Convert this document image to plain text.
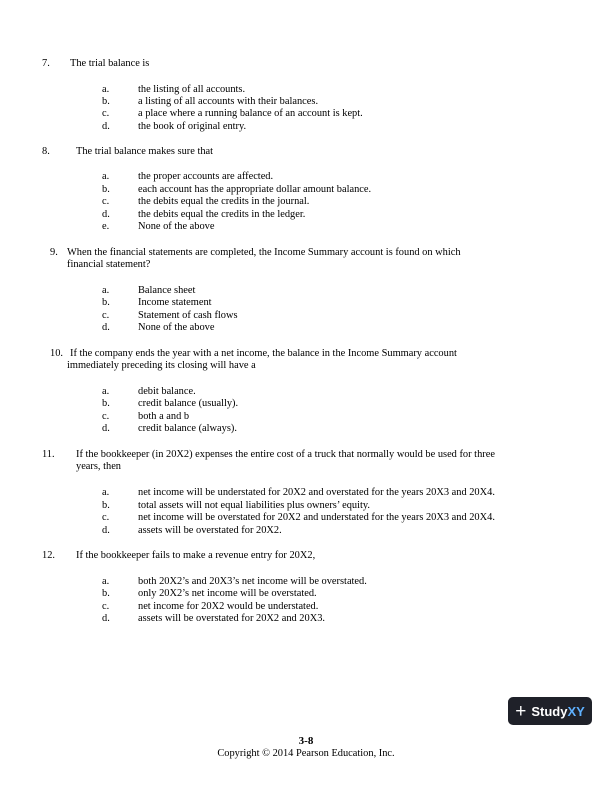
7. The trial balance is
a.	the listing of all accounts.
b.	a listing of all accounts with their balances.
c.	a place where a running balance of an account is kept.
d.	the book of original entry.
8.	The trial balance makes sure that
a.	the proper accounts are affected.
b.	each account has the appropriate dollar amount balance.
c.	the debits equal the credits in the journal.
d.	the debits equal the credits in the ledger.
e.	None of the above
9. When the financial statements are completed, the Income Summary account is found on which
financial statement?
a.	Balance sheet
b.	Income statement
c.	Statement of cash flows
d.	None of the above
10. If the company ends the year with a net income, the balance in the Income Summary account
immediately preceding its closing will have a
a.	debit balance.
b.	credit balance (usually).
c.	both a and b
d.	credit balance (always).
11. If the bookkeeper (in 20X2) expenses the entire cost of a truck that normally would be used for three
years, then
a.	net income will be understated for 20X2 and overstated for the years 20X3 and 20X4.
b.	total assets will not equal liabilities plus owners’ equity.
c.	net income will be overstated for 20X2 and understated for the years 20X3 and 20X4.
d.	assets will be overstated for 20X2.
12. If the bookkeeper fails to make a revenue entry for 20X2,
a.	both 20X2’s and 20X3’s net income will be overstated.
b.	only 20X2’s net income will be overstated.
c.	net income for 20X2 would be understated.
d.	assets will be overstated for 20X2 and 20X3.
+ Study XY
3-8
Copyright © 2014 Pearson Education, Inc.
